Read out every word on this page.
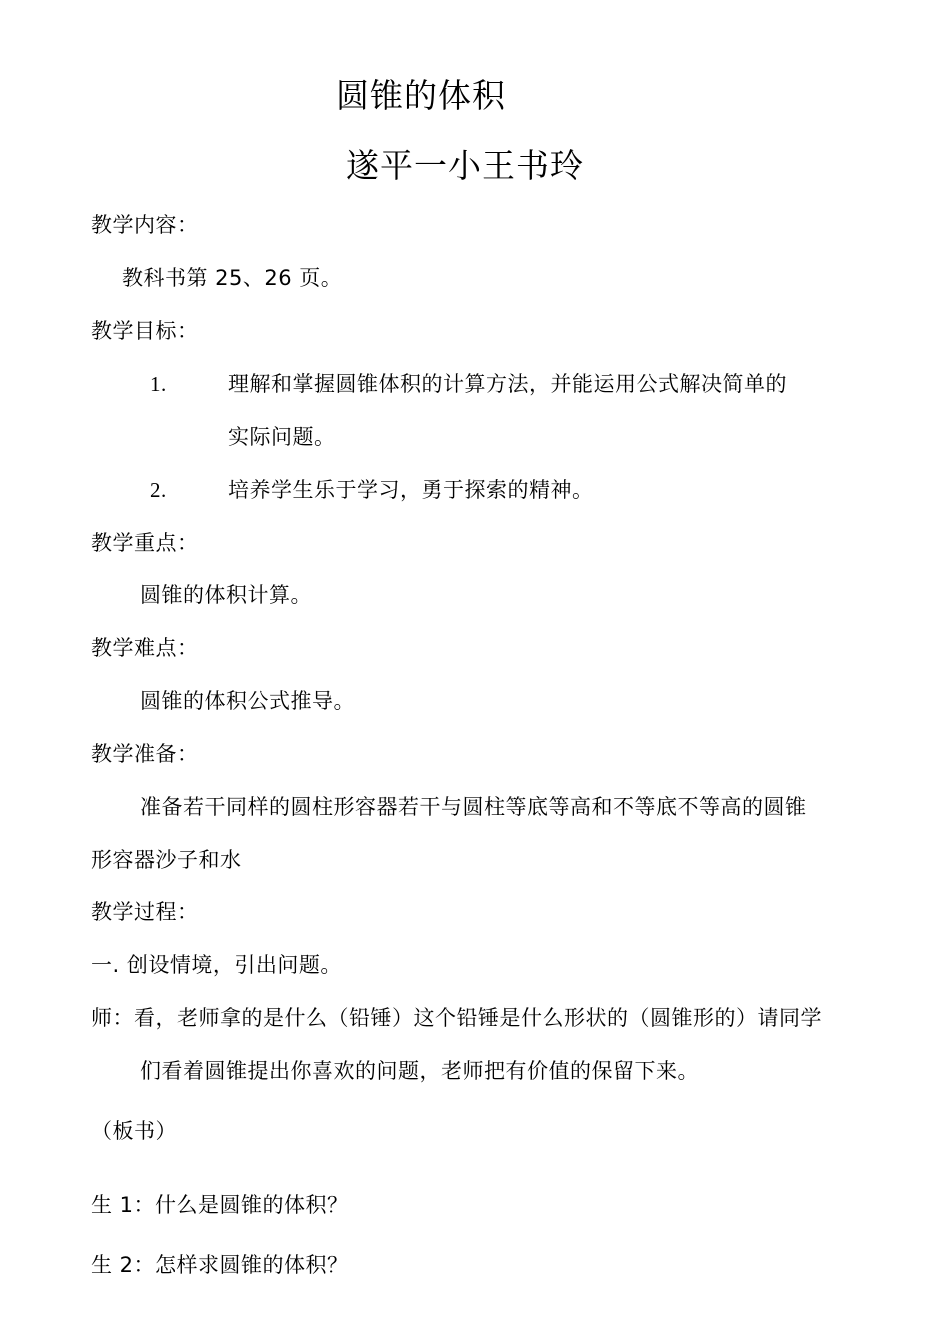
圆锥的体积
遂平一小王书玲
教学内容：
教科书第 25、26 页。
教学目标：
1.	理解和掌握圆锥体积的计算方法，并能运用公式解决简单的
实际问题。
2.	培养学生乐于学习，勇于探索的精神。
教学重点：
圆锥的体积计算。
教学难点：
圆锥的体积公式推导。
教学准备：
准备若干同样的圆柱形容器若干与圆柱等底等高和不等底不等高的圆锥
形容器沙子和水
教学过程：
一. 创设情境，引出问题。
师：看，老师拿的是什么（铅锤）这个铅锤是什么形状的（圆锥形的）请同学
们看着圆锥提出你喜欢的问题，老师把有价值的保留下来。
（板书）
生 1：什么是圆锥的体积？
生 2：怎样求圆锥的体积？
